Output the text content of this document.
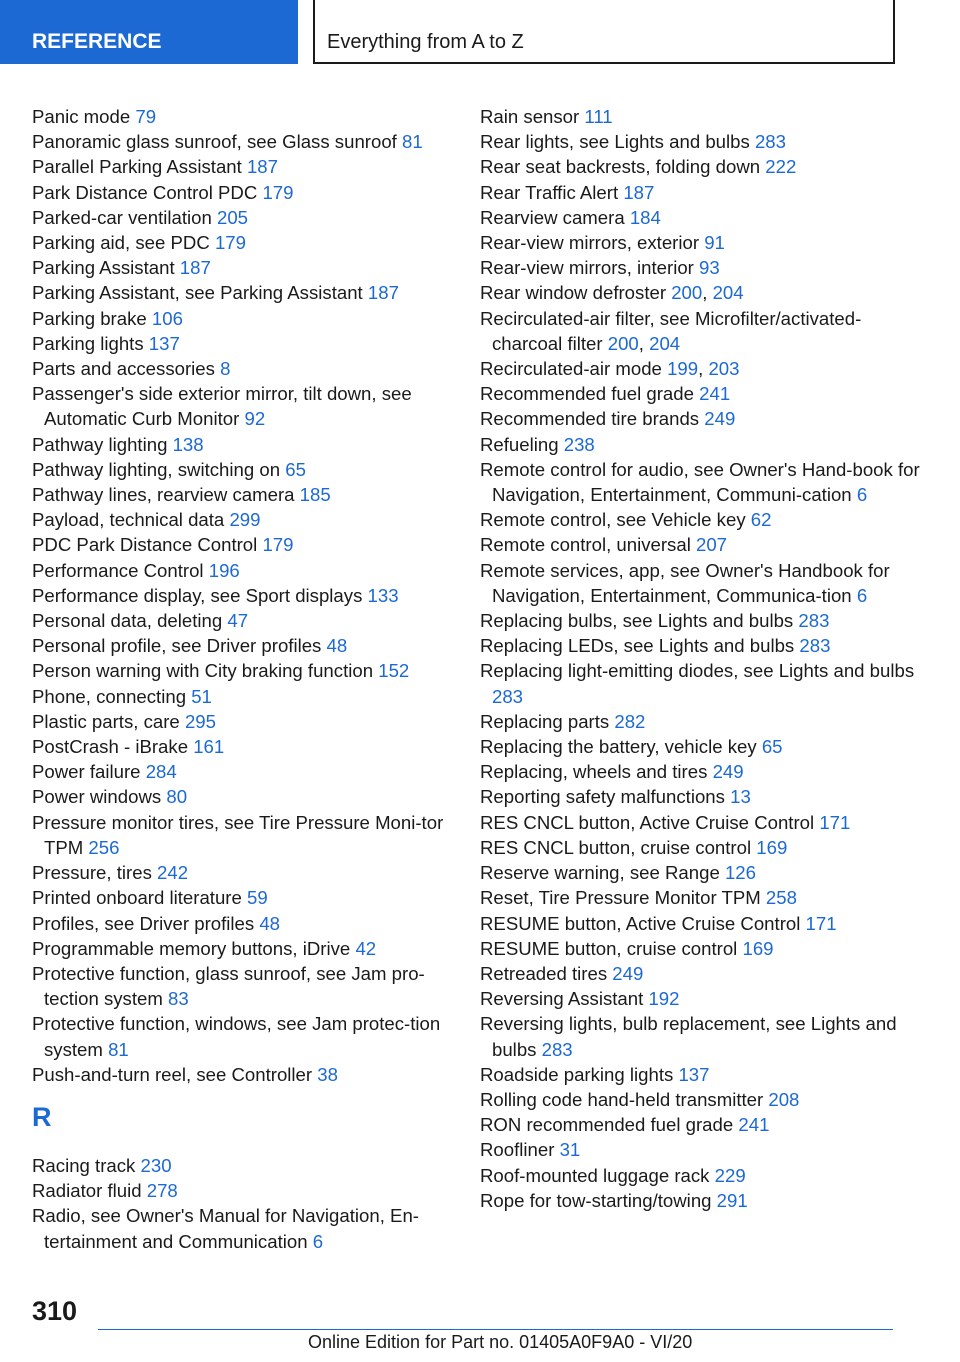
REFERENCE	Everything from A to Z

Panic mode 79

Panoramic glass sunroof, see Glass sunroof 81

Parallel Parking Assistant 187

Park Distance Control PDC 179

Parked-car ventilation 205

Parking aid, see PDC 179

Parking Assistant 187

Parking Assistant, see Parking Assistant 187

Parking brake 106

Parking lights 137

Parts and accessories 8

Passenger's side exterior mirror, tilt down, see Automatic Curb Monitor 92

Pathway lighting 138

Pathway lighting, switching on 65

Pathway lines, rearview camera 185

Payload, technical data 299

PDC Park Distance Control 179

Performance Control 196

Performance display, see Sport displays 133

Personal data, deleting 47

Personal profile, see Driver profiles 48

Person warning with City braking function 152

Phone, connecting 51

Plastic parts, care 295

PostCrash - iBrake 161

Power failure 284

Power windows 80

Pressure monitor tires, see Tire Pressure Moni‐tor TPM 256

Pressure, tires 242

Printed onboard literature 59

Profiles, see Driver profiles 48

Programmable memory buttons, iDrive 42

Protective function, glass sunroof, see Jam pro‐tection system 83

Protective function, windows, see Jam protec‐tion system 81

Push-and-turn reel, see Controller 38

R

Racing track 230

Radiator fluid 278

Radio, see Owner's Manual for Navigation, En‐tertainment and Communication 6

Rain sensor 111

Rear lights, see Lights and bulbs 283

Rear seat backrests, folding down 222

Rear Traffic Alert 187

Rearview camera 184

Rear-view mirrors, exterior 91

Rear-view mirrors, interior 93

Rear window defroster 200, 204

Recirculated-air filter, see Microfilter/activated-charcoal filter 200, 204

Recirculated-air mode 199, 203

Recommended fuel grade 241

Recommended tire brands 249

Refueling 238

Remote control for audio, see Owner's Hand‐book for Navigation, Entertainment, Communi‐cation 6

Remote control, see Vehicle key 62

Remote control, universal 207

Remote services, app, see Owner's Handbook for Navigation, Entertainment, Communica‐tion 6

Replacing bulbs, see Lights and bulbs 283

Replacing LEDs, see Lights and bulbs 283

Replacing light-emitting diodes, see Lights and bulbs 283

Replacing parts 282

Replacing the battery, vehicle key 65

Replacing, wheels and tires 249

Reporting safety malfunctions 13

RES CNCL button, Active Cruise Control 171

RES CNCL button, cruise control 169

Reserve warning, see Range 126

Reset, Tire Pressure Monitor TPM 258

RESUME button, Active Cruise Control 171

RESUME button, cruise control 169

Retreaded tires 249

Reversing Assistant 192

Reversing lights, bulb replacement, see Lights and bulbs 283

Roadside parking lights 137

Rolling code hand-held transmitter 208

RON recommended fuel grade 241

Roofliner 31

Roof-mounted luggage rack 229

Rope for tow-starting/towing 291

310
Online Edition for Part no. 01405A0F9A0 - VI/20
